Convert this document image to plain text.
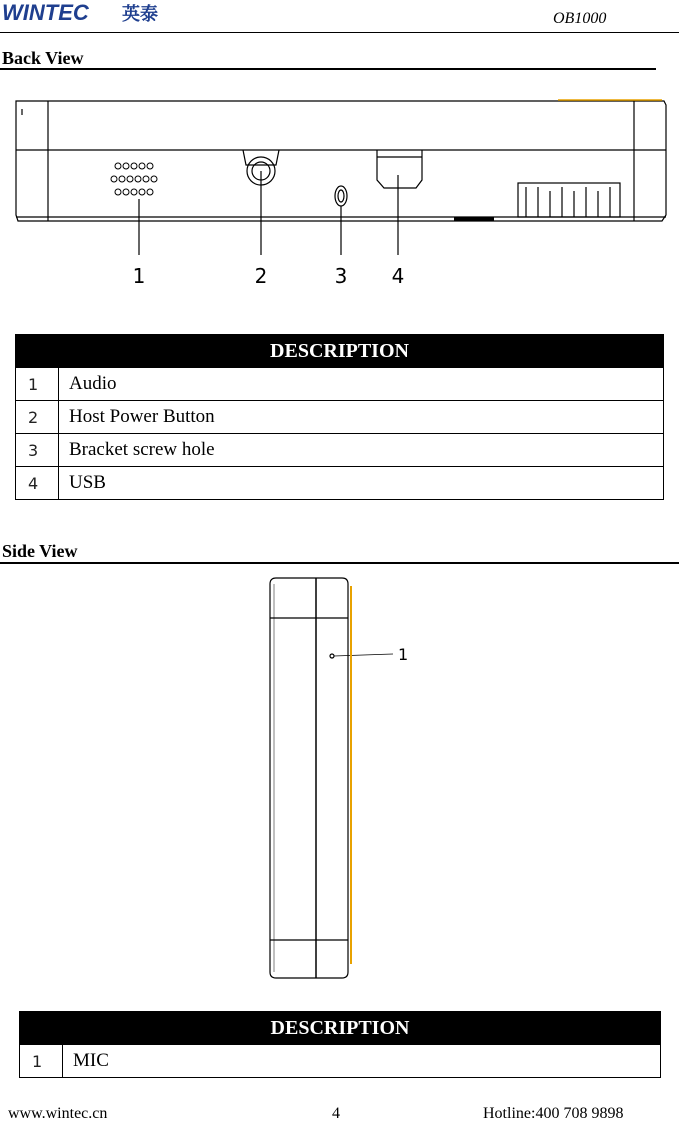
WINTEC 英泰	OB1000
Back View
1	2	3 4
DESCRIPTION	
1	Audio
2	Host Power Button
3	Bracket screw hole
4	USB
Side View
1
DESCRIPTION
1	MIC
www.wintec.cn	4	Hotline:400 708 9898
